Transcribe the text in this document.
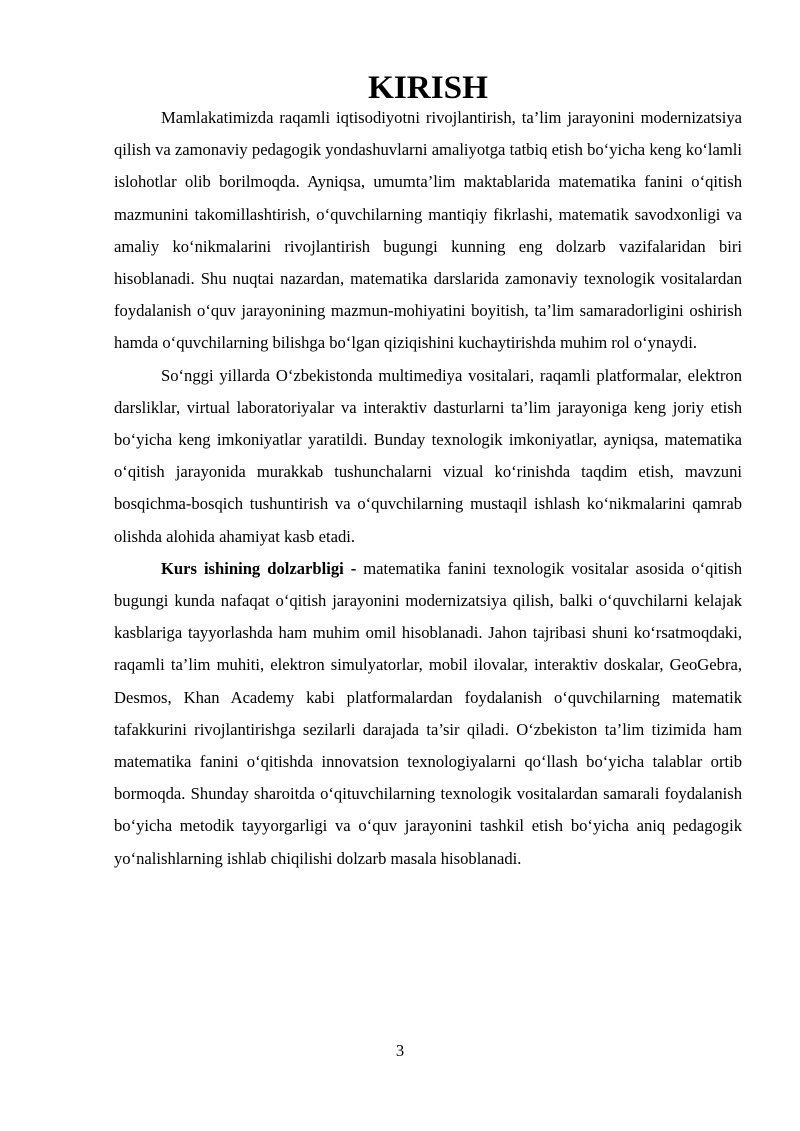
KIRISH

Mamlakatimizda raqamli iqtisodiyotni rivojlantirish, ta’lim jarayonini modernizatsiya qilish va zamonaviy pedagogik yondashuvlarni amaliyotga tatbiq etish bo‘yicha keng ko‘lamli islohotlar olib borilmoqda. Ayniqsa, umumta’lim maktablarida matematika fanini o‘qitish mazmunini takomillashtirish, o‘quvchilarning mantiqiy fikrlashi, matematik savodxonligi va amaliy ko‘nikmalarini rivojlantirish bugungi kunning eng dolzarb vazifalaridan biri hisoblanadi. Shu nuqtai nazardan, matematika darslarida zamonaviy texnologik vositalardan foydalanish o‘quv jarayonining mazmun-mohiyatini boyitish, ta’lim samaradorligini oshirish hamda o‘quvchilarning bilishga bo‘lgan qiziqishini kuchaytirishda muhim rol o‘ynaydi.

So‘nggi yillarda O‘zbekistonda multimediya vositalari, raqamli platformalar, elektron darsliklar, virtual laboratoriyalar va interaktiv dasturlarni ta’lim jarayoniga keng joriy etish bo‘yicha keng imkoniyatlar yaratildi. Bunday texnologik imkoniyatlar, ayniqsa, matematika o‘qitish jarayonida murakkab tushunchalarni vizual ko‘rinishda taqdim etish, mavzuni bosqichma-bosqich tushuntirish va o‘quvchilarning mustaqil ishlash ko‘nikmalarini qamrab olishda alohida ahamiyat kasb etadi.

Kurs ishining dolzarbligi - matematika fanini texnologik vositalar asosida o‘qitish bugungi kunda nafaqat o‘qitish jarayonini modernizatsiya qilish, balki o‘quvchilarni kelajak kasblariga tayyorlashda ham muhim omil hisoblanadi. Jahon tajribasi shuni ko‘rsatmoqdaki, raqamli ta’lim muhiti, elektron simulyatorlar, mobil ilovalar, interaktiv doskalar, GeoGebra, Desmos, Khan Academy kabi platformalardan foydalanish o‘quvchilarning matematik tafakkurini rivojlantirishga sezilarli darajada ta’sir qiladi. O‘zbekiston ta’lim tizimida ham matematika fanini o‘qitishda innovatsion texnologiyalarni qo‘llash bo‘yicha talablar ortib bormoqda. Shunday sharoitda o‘qituvchilarning texnologik vositalardan samarali foydalanish bo‘yicha metodik tayyorgarligi va o‘quv jarayonini tashkil etish bo‘yicha aniq pedagogik yo‘nalishlarning ishlab chiqilishi dolzarb masala hisoblanadi.

3
